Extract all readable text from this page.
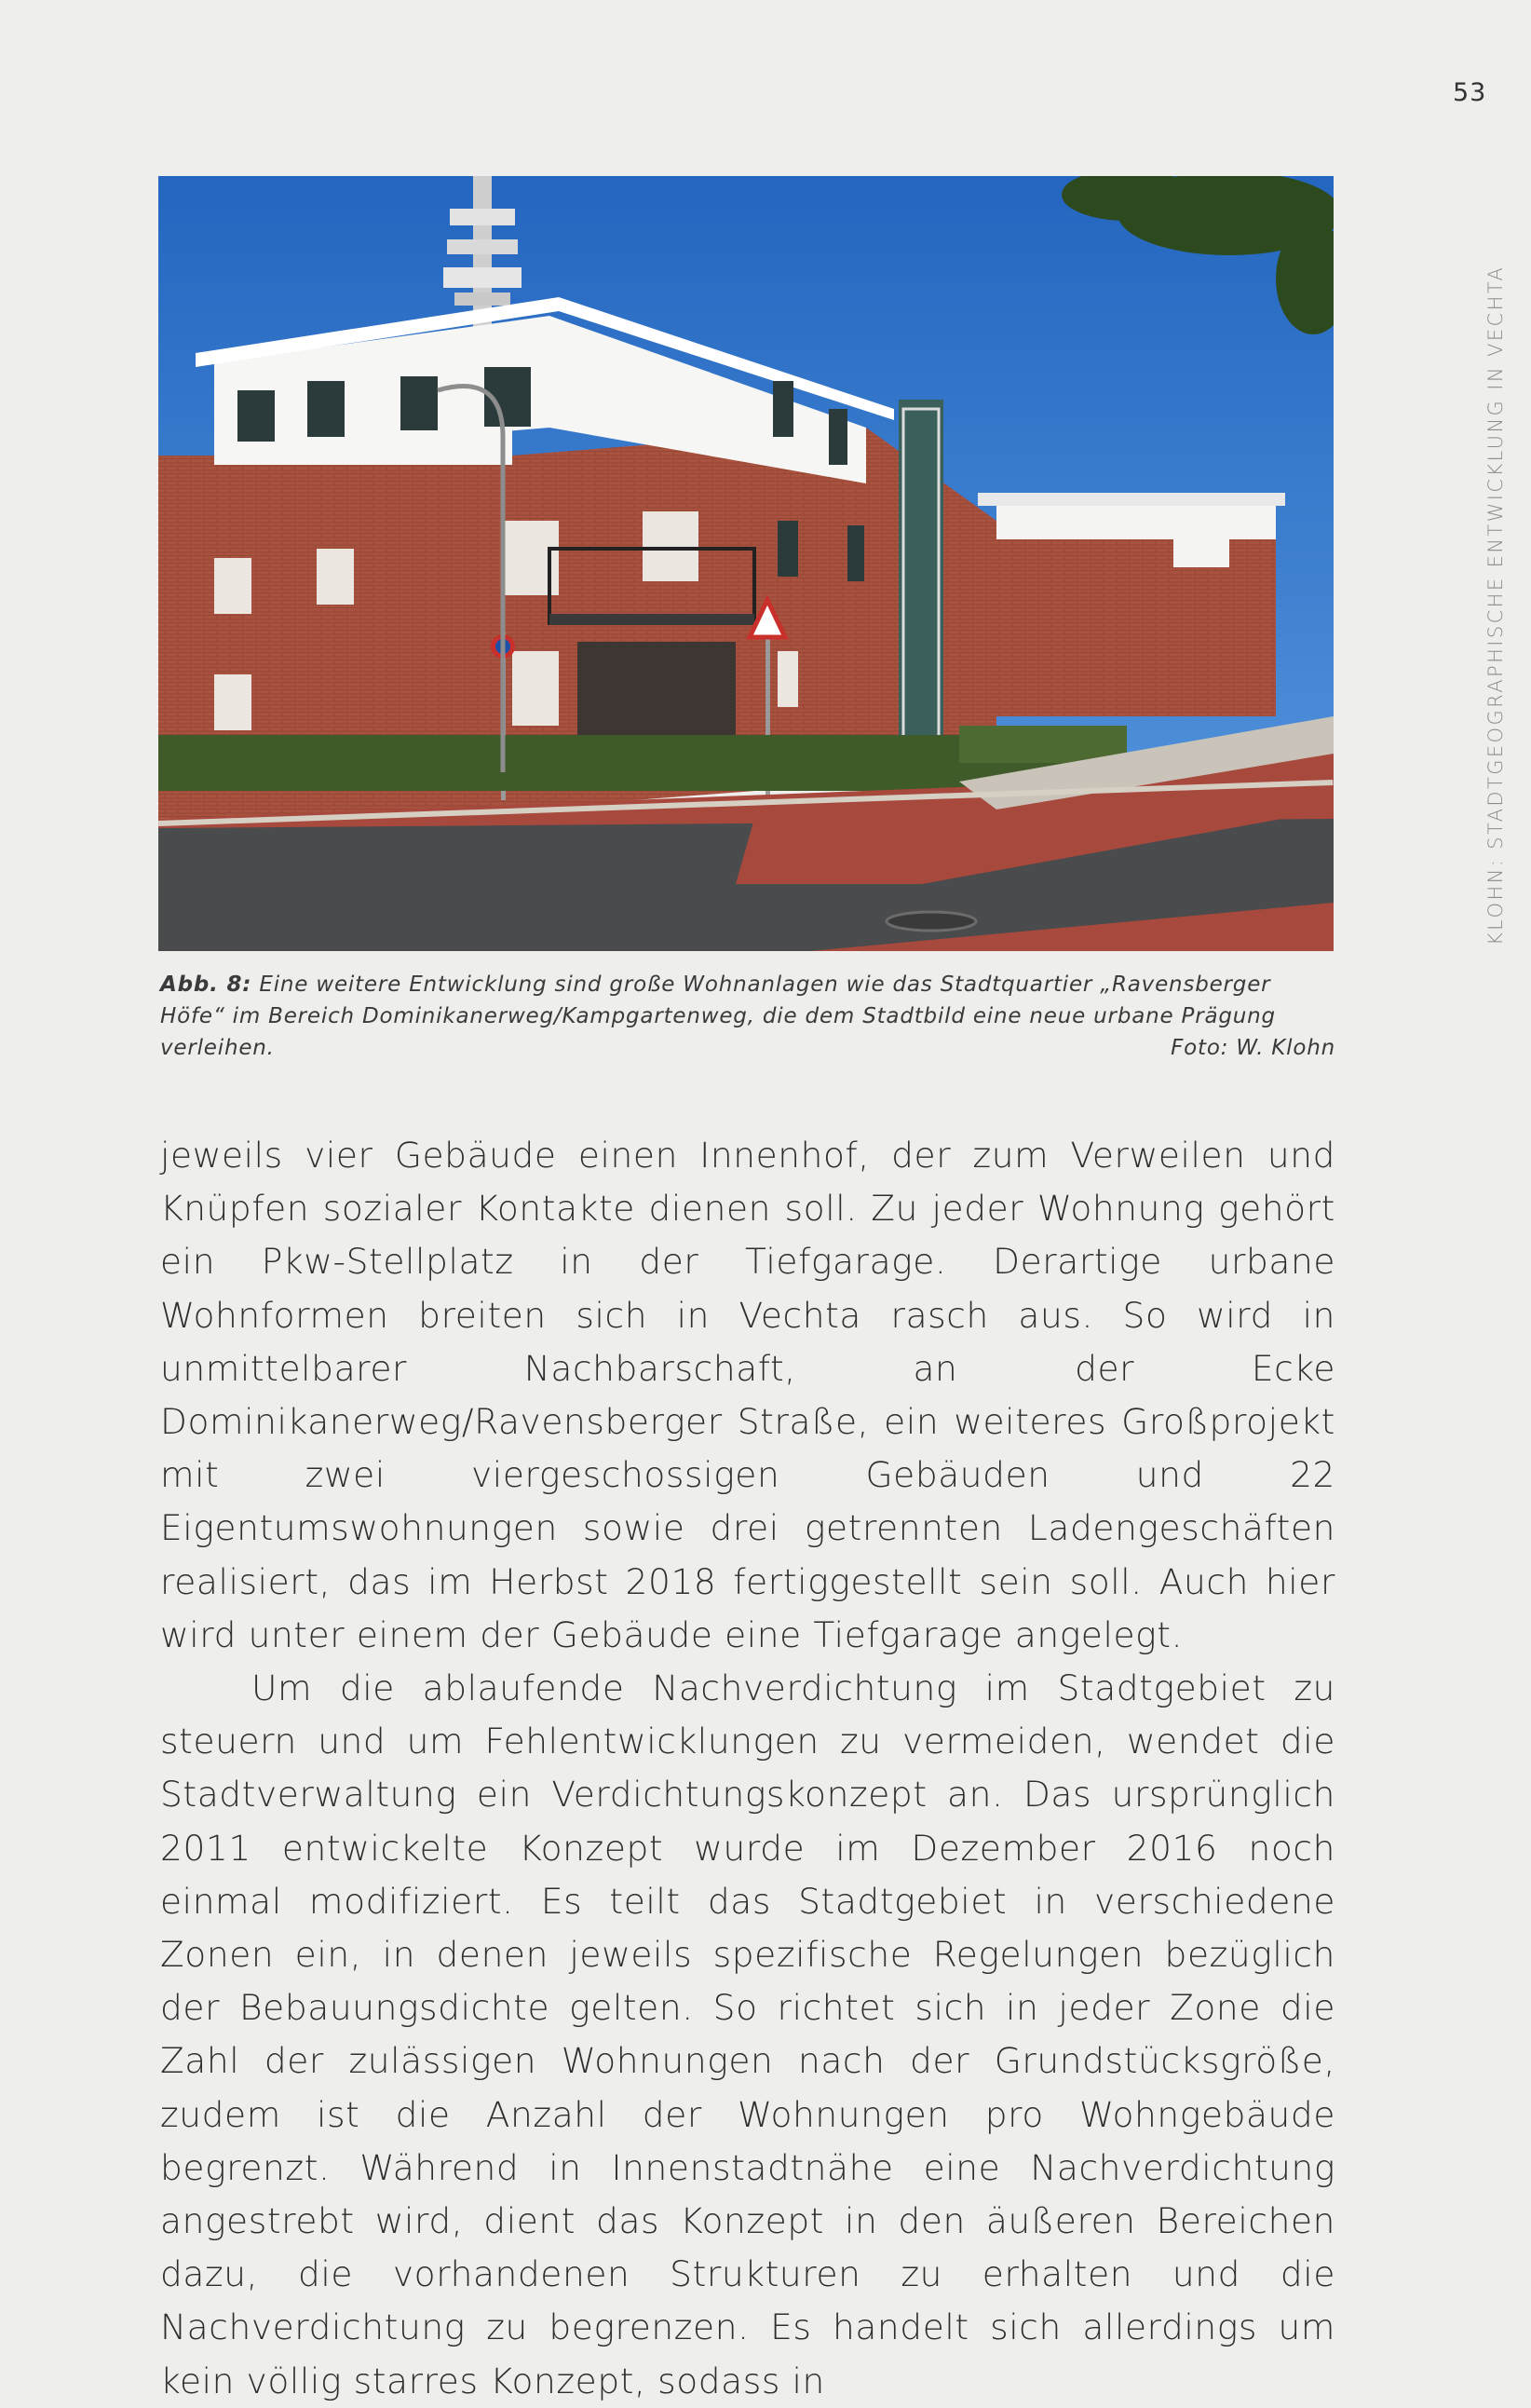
53
KLOHN: STADTGEOGRAPHISCHE ENTWICKLUNG IN VECHTA
Abb. 8: Eine weitere Entwicklung sind große Wohnanlagen wie das Stadtquartier „Ravensberger Höfe“ im Bereich Dominikanerweg/Kampgartenweg, die dem Stadtbild eine neue urbane Prägung verleihen.	Foto: W. Klohn

jeweils vier Gebäude einen Innenhof, der zum Verweilen und Knüpfen sozialer Kontakte dienen soll. Zu jeder Wohnung gehört ein Pkw-Stellplatz in der Tiefgarage. Derartige urbane Wohnformen breiten sich in Vechta rasch aus. So wird in unmittelbarer Nachbarschaft, an der Ecke Dominikanerweg/Ravensberger Straße, ein weiteres Großprojekt mit zwei viergeschossigen Gebäuden und 22 Eigentumswohnungen sowie drei getrennten Ladengeschäften realisiert, das im Herbst 2018 fertiggestellt sein soll. Auch hier wird unter einem der Gebäude eine Tiefgarage angelegt.

Um die ablaufende Nachverdichtung im Stadtgebiet zu steuern und um Fehlentwicklungen zu vermeiden, wendet die Stadtverwaltung ein Verdichtungskonzept an. Das ursprünglich 2011 entwickelte Konzept wurde im Dezember 2016 noch einmal modifiziert. Es teilt das Stadtgebiet in verschiedene Zonen ein, in denen jeweils spezifische Regelungen bezüglich der Bebauungsdichte gelten. So richtet sich in jeder Zone die Zahl der zulässigen Wohnungen nach der Grundstücksgröße, zudem ist die Anzahl der Wohnungen pro Wohngebäude begrenzt. Während in Innenstadtnähe eine Nachverdichtung angestrebt wird, dient das Konzept in den äußeren Bereichen dazu, die vorhandenen Strukturen zu erhalten und die Nachverdichtung zu begrenzen. Es handelt sich allerdings um kein völlig starres Konzept, sodass in
